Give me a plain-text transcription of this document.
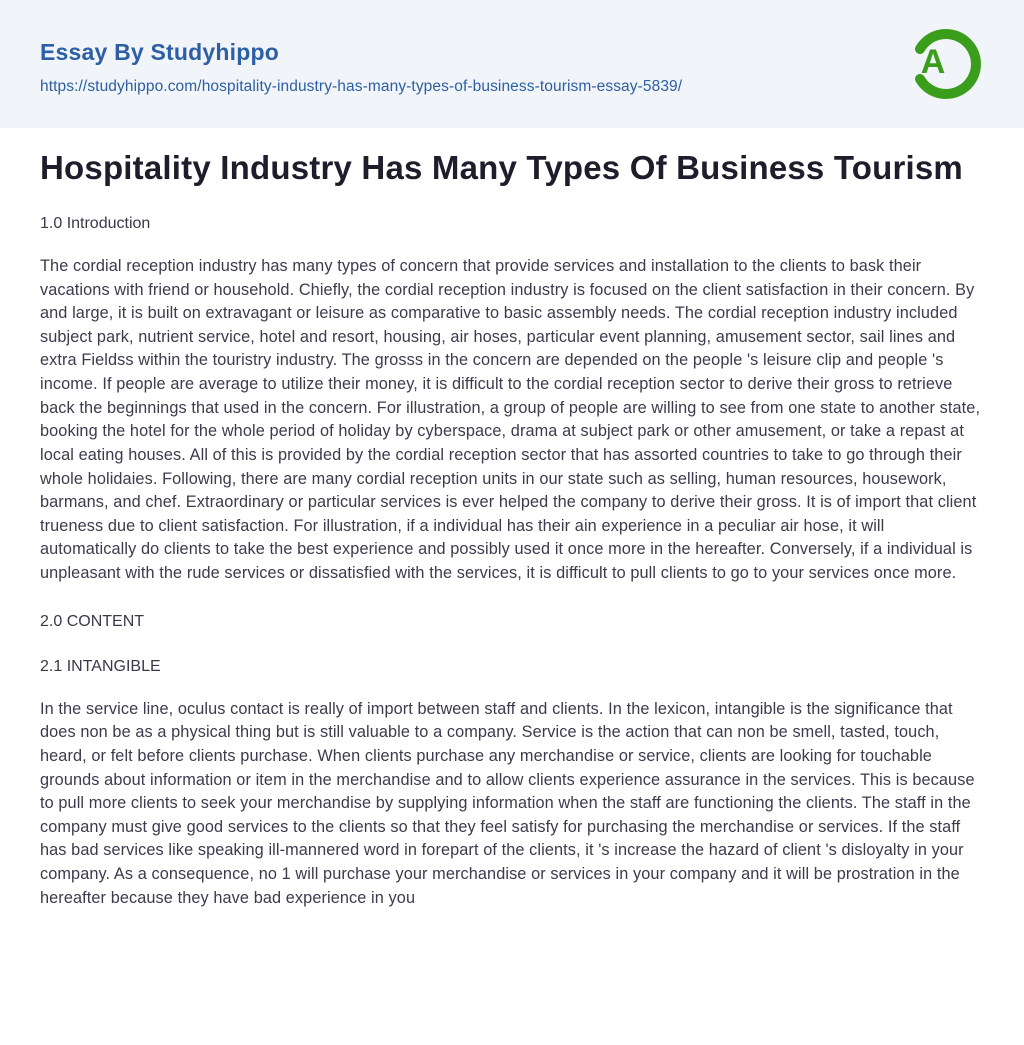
Essay By Studyhippo
https://studyhippo.com/hospitality-industry-has-many-types-of-business-tourism-essay-5839/
A
Hospitality Industry Has Many Types Of Business Tourism

1.0 Introduction

The cordial reception industry has many types of concern that provide services and installation to the clients to bask their vacations with friend or household. Chiefly, the cordial reception industry is focused on the client satisfaction in their concern. By and large, it is built on extravagant or leisure as comparative to basic assembly needs. The cordial reception industry included subject park, nutrient service, hotel and resort, housing, air hoses, particular event planning, amusement sector, sail lines and extra Fieldss within the touristry industry. The grosss in the concern are depended on the people 's leisure clip and people 's income. If people are average to utilize their money, it is difficult to the cordial reception sector to derive their gross to retrieve back the beginnings that used in the concern. For illustration, a group of people are willing to see from one state to another state, booking the hotel for the whole period of holiday by cyberspace, drama at subject park or other amusement, or take a repast at local eating houses. All of this is provided by the cordial reception sector that has assorted countries to take to go through their whole holidaies. Following, there are many cordial reception units in our state such as selling, human resources, housework, barmans, and chef. Extraordinary or particular services is ever helped the company to derive their gross. It is of import that client trueness due to client satisfaction. For illustration, if a individual has their ain experience in a peculiar air hose, it will automatically do clients to take the best experience and possibly used it once more in the hereafter. Conversely, if a individual is unpleasant with the rude services or dissatisfied with the services, it is difficult to pull clients to go to your services once more.

2.0 CONTENT

2.1 INTANGIBLE

In the service line, oculus contact is really of import between staff and clients. In the lexicon, intangible is the significance that does non be as a physical thing but is still valuable to a company. Service is the action that can non be smell, tasted, touch, heard, or felt before clients purchase. When clients purchase any merchandise or service, clients are looking for touchable grounds about information or item in the merchandise and to allow clients experience assurance in the services. This is because to pull more clients to seek your merchandise by supplying information when the staff are functioning the clients. The staff in the company must give good services to the clients so that they feel satisfy for purchasing the merchandise or services. If the staff has bad services like speaking ill-mannered word in forepart of the clients, it 's increase the hazard of client 's disloyalty in your company. As a consequence, no 1 will purchase your merchandise or services in your company and it will be prostration in the hereafter because they have bad experience in you
